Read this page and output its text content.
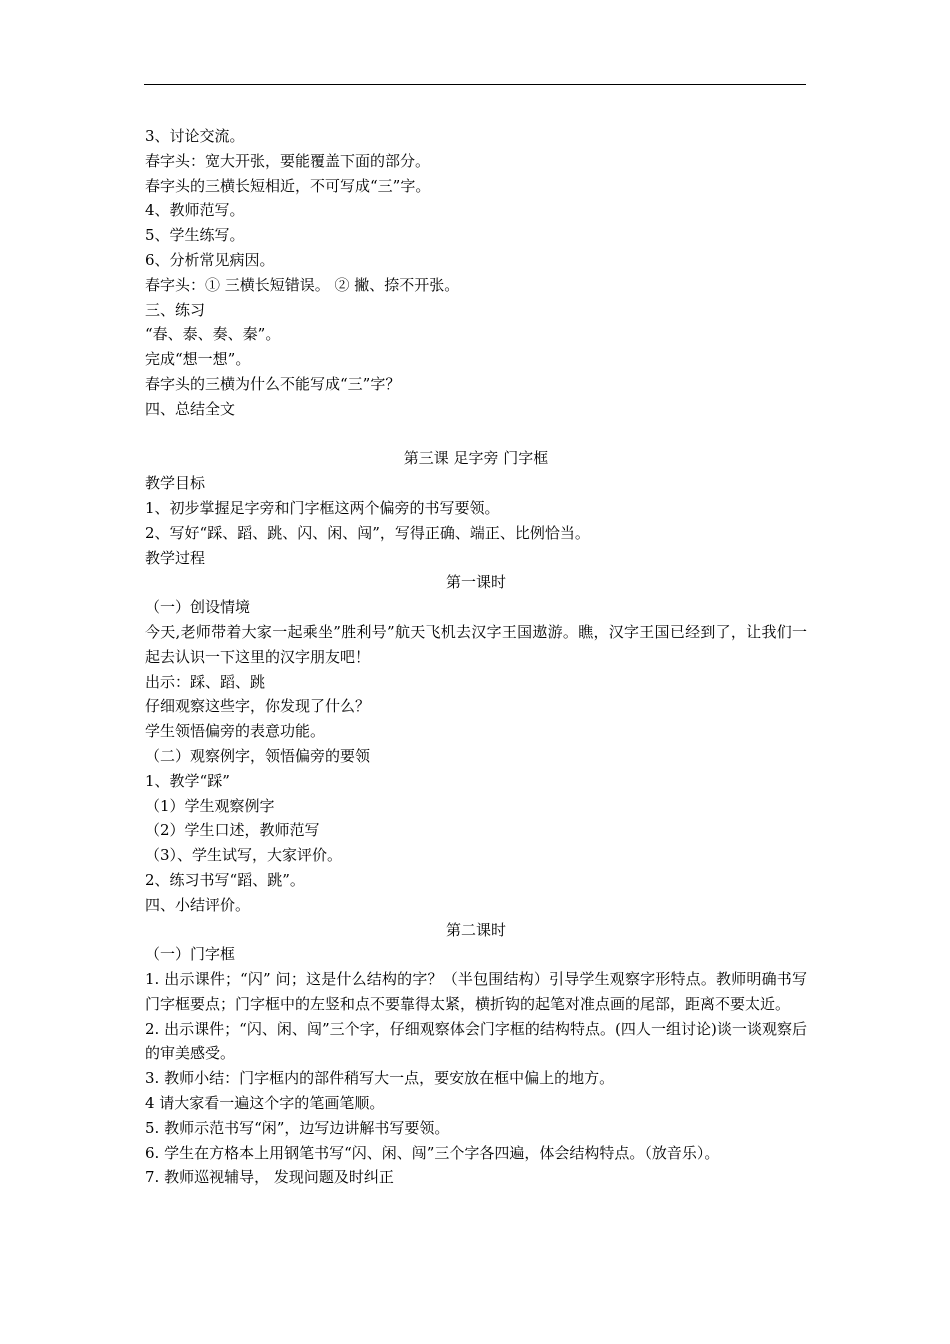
3、讨论交流。
春字头：宽大开张，要能覆盖下面的部分。
春字头的三横长短相近，不可写成“三”字。
4、教师范写。
5、学生练写。
6、分析常见病因。
春字头：① 三横长短错误。 ② 撇、捺不开张。
三、练习
“春、泰、奏、秦”。
完成“想一想”。
春字头的三横为什么不能写成“三”字？
四、总结全文
第三课 足字旁 门字框
教学目标
1、初步掌握足字旁和门字框这两个偏旁的书写要领。
2、写好“踩、蹈、跳、闪、闲、闯”，写得正确、端正、比例恰当。
教学过程
第一课时
（一）创设情境
今天,老师带着大家一起乘坐”胜利号”航天飞机去汉字王国遨游。瞧，汉字王国已经到了，让我们一起去认识一下这里的汉字朋友吧！
出示：踩、蹈、跳
仔细观察这些字，你发现了什么？
学生领悟偏旁的表意功能。
（二）观察例字，领悟偏旁的要领
1、教学“踩”
（1）学生观察例字
（2）学生口述，教师范写
（3）、学生试写，大家评价。
2、练习书写“蹈、跳”。
四、小结评价。
第二课时
（一）门字框
1. 出示课件；“闪” 问；这是什么结构的字？（半包围结构）引导学生观察字形特点。教师明确书写门字框要点；门字框中的左竖和点不要靠得太紧，横折钩的起笔对准点画的尾部，距离不要太近。
2. 出示课件；“闪、闲、闯”三个字，仔细观察体会门字框的结构特点。(四人一组讨论)谈一谈观察后的审美感受。
3. 教师小结：门字框内的部件稍写大一点，要安放在框中偏上的地方。
4 请大家看一遍这个字的笔画笔顺。
5. 教师示范书写“闲”，边写边讲解书写要领。
6. 学生在方格本上用钢笔书写“闪、闲、闯”三个字各四遍，体会结构特点。（放音乐）。
7. 教师巡视辅导， 发现问题及时纠正
